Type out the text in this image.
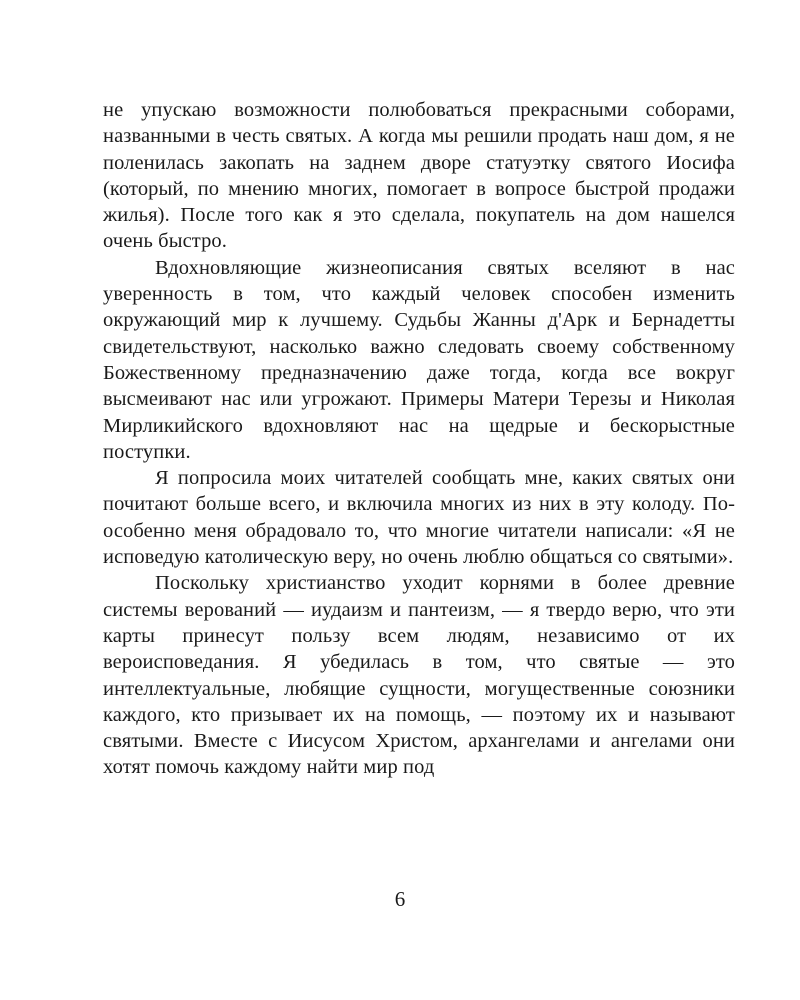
не упускаю возможности полюбоваться прекрасными соборами, названными в честь святых. А когда мы решили продать наш дом, я не поленилась закопать на заднем дворе статуэтку святого Иосифа (который, по мнению многих, помогает в вопросе быстрой продажи жилья). После того как я это сделала, покупатель на дом нашелся очень быстро.

Вдохновляющие жизнеописания святых вселяют в нас уверенность в том, что каждый человек способен изменить окружающий мир к лучшему. Судьбы Жанны д'Арк и Бернадетты свидетельствуют, насколько важно следовать своему собственному Божественному предназначению даже тогда, когда все вокруг высмеивают нас или угрожают. Примеры Матери Терезы и Николая Мирликийского вдохновляют нас на щедрые и бескорыстные поступки.

Я попросила моих читателей сообщать мне, каких святых они почитают больше всего, и включила многих из них в эту колоду. По-особенно меня обрадовало то, что многие читатели написали: «Я не исповедую католическую веру, но очень люблю общаться со святыми».

Поскольку христианство уходит корнями в более древние системы верований — иудаизм и пантеизм, — я твердо верю, что эти карты принесут пользу всем людям, независимо от их вероисповедания. Я убедилась в том, что святые — это интеллектуальные, любящие сущности, могущественные союзники каждого, кто призывает их на помощь, — поэтому их и называют святыми. Вместе с Иисусом Христом, архангелами и ангелами они хотят помочь каждому найти мир под

6
